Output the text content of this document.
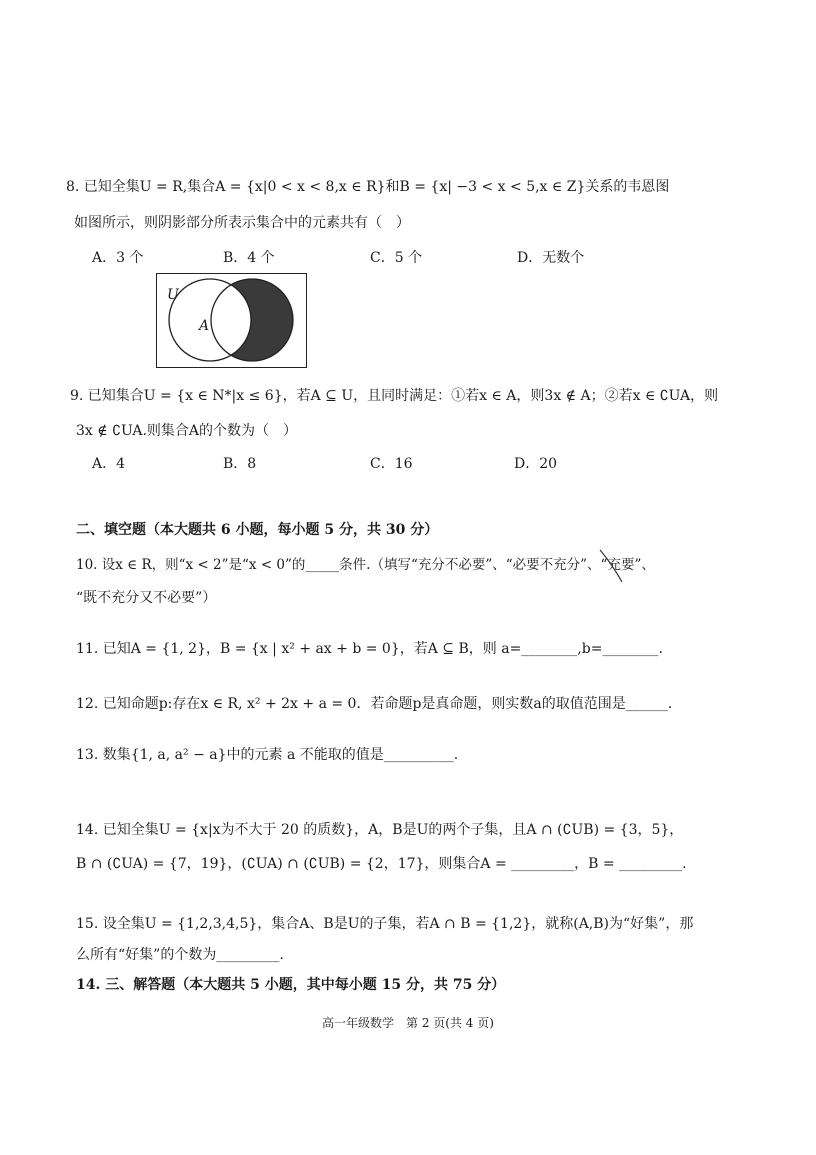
8. 已知全集U = R,集合A = {x|0 < x < 8,x ∈ R}和B = {x| −3 < x < 5,x ∈ Z}关系的韦恩图
如图所示，则阴影部分所表示集合中的元素共有（　）
A．3 个	B．4 个	C．5 个	D．无数个
U
A
9. 已知集合U = {x ∈ N*|x ≤ 6}，若A ⊆ U，且同时满足：①若x ∈ A，则3x ∉ A；②若x ∈ ∁UA，则
3x ∉ ∁UA.则集合A的个数为（　）
A．4	B．8	C．16	D．20
二、填空题（本大题共 6 小题，每小题 5 分，共 30 分）
10. 设x ∈ R，则“x < 2”是“x < 0”的_____条件.（填写“充分不必要”、“必要不充分”、“充要”、
“既不充分又不必要”）
11. 已知A = {1, 2}，B = {x | x² + ax + b = 0}，若A ⊆ B，则 a=________,b=________.
12. 已知命题p:存在x ∈ R, x² + 2x + a = 0．若命题p是真命题，则实数a的取值范围是______.
13. 数集{1, a, a² − a}中的元素 a 不能取的值是__________.
14. 已知全集U = {x|x为不大于 20 的质数}，A，B是U的两个子集，且A ∩ (∁UB) = {3，5}，
B ∩ (∁UA) = {7，19}，(∁UA) ∩ (∁UB) = {2，17}，则集合A = _________，B = _________.
15. 设全集U = {1,2,3,4,5}，集合A、B是U的子集，若A ∩ B = {1,2}，就称(A,B)为“好集”，那
么所有“好集”的个数为_________.
14. 三、解答题（本大题共 5 小题，其中每小题 15 分，共 75 分）
高一年级数学　第 2 页(共 4 页)
